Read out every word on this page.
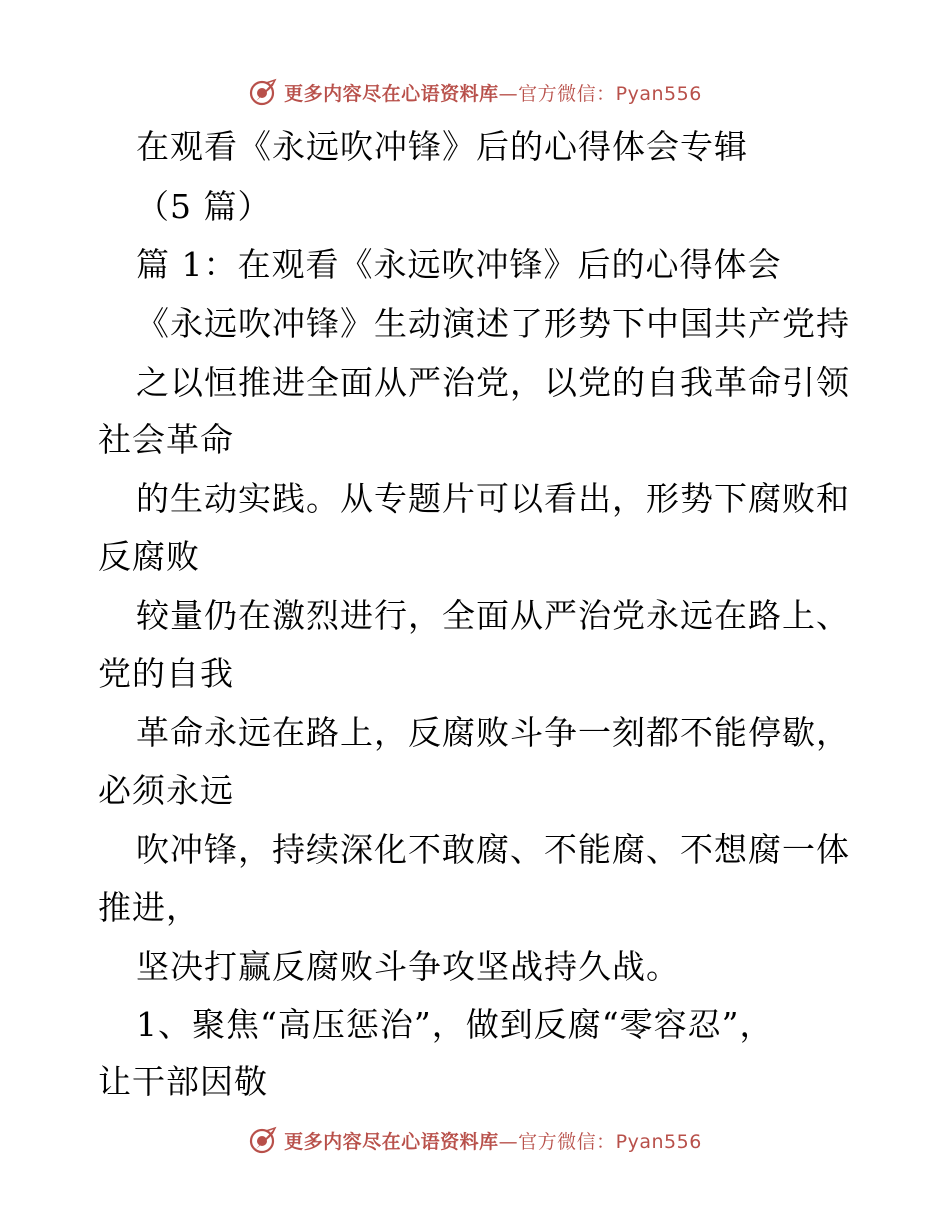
更多内容尽在心语资料库—官方微信：Pyan556
在观看《永远吹冲锋》后的心得体会专辑
（5 篇）
篇 1：在观看《永远吹冲锋》后的心得体会
《永远吹冲锋》生动演述了形势下中国共产党持
之以恒推进全面从严治党，以党的自我革命引领
社会革命
的生动实践。从专题片可以看出，形势下腐败和
反腐败
较量仍在激烈进行，全面从严治党永远在路上、
党的自我
革命永远在路上，反腐败斗争一刻都不能停歇，
必须永远
吹冲锋，持续深化不敢腐、不能腐、不想腐一体
推进，
坚决打赢反腐败斗争攻坚战持久战。
1、聚焦“高压惩治”，做到反腐“零容忍”，
让干部因敬
更多内容尽在心语资料库—官方微信：Pyan556
